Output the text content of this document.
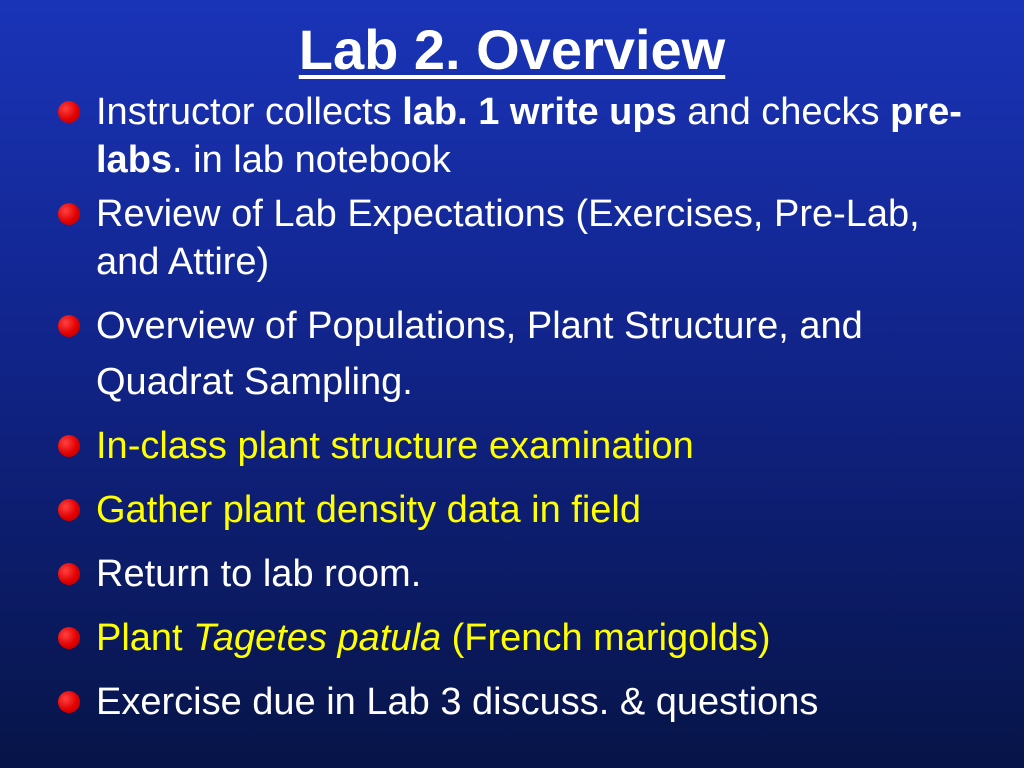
Lab 2. Overview
Instructor collects lab. 1 write ups and checks pre-labs. in lab notebook
Review of Lab Expectations (Exercises, Pre-Lab, and Attire)
Overview of Populations, Plant Structure, and Quadrat Sampling.
In-class plant structure examination
Gather plant density data in field
Return to lab room.
Plant Tagetes patula (French marigolds)
Exercise due in Lab 3 discuss. & questions
